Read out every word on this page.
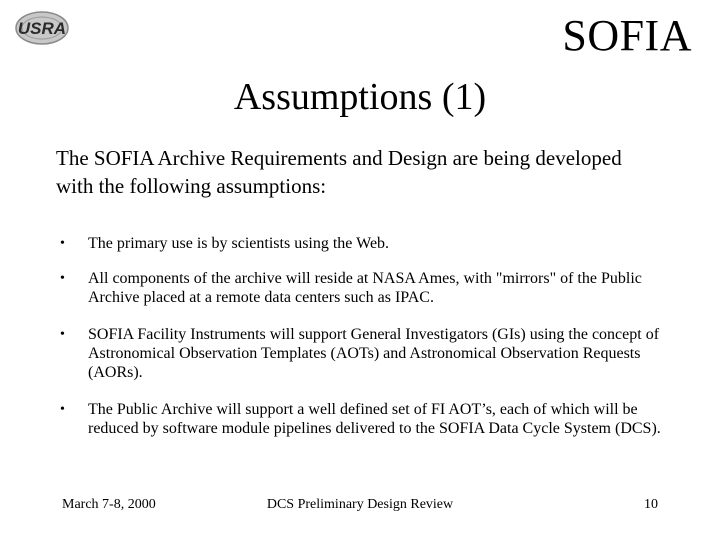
USRA	SOFIA
Assumptions (1)
The SOFIA Archive Requirements and Design are being developed with the following assumptions:
• The primary use is by scientists using the Web.
• All components of the archive will reside at NASA Ames, with "mirrors" of the Public Archive placed at a remote data centers such as IPAC.
• SOFIA Facility Instruments will support General Investigators (GIs) using the concept of Astronomical Observation Templates (AOTs) and Astronomical Observation Requests (AORs).
• The Public Archive will support a well defined set of FI AOT’s, each of which will be reduced by software module pipelines delivered to the SOFIA Data Cycle System (DCS).
March 7-8, 2000	DCS Preliminary Design Review	10
